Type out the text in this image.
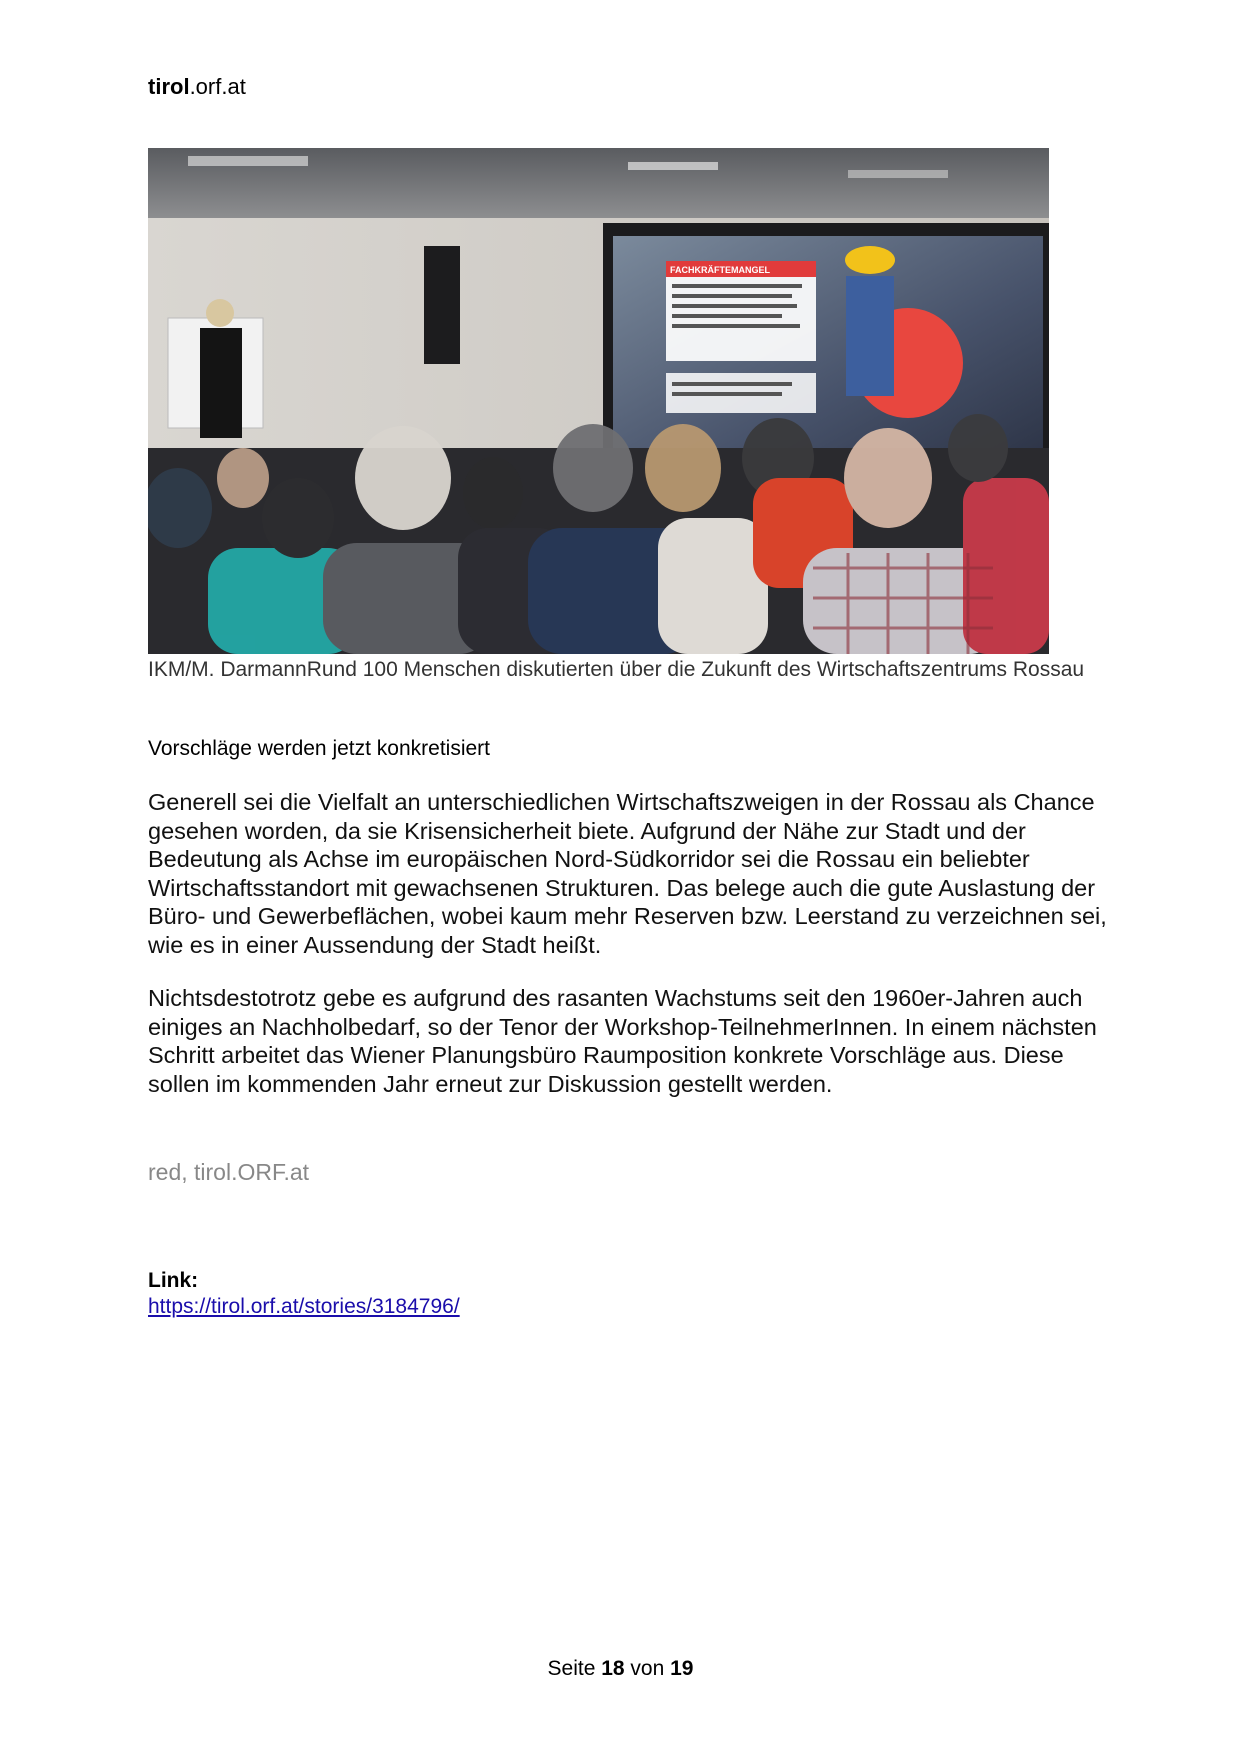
tirol.orf.at
FACHKRÄFTEMANGEL
IKM/M. DarmannRund 100 Menschen diskutierten über die Zukunft des Wirtschaftszentrums Rossau
Vorschläge werden jetzt konkretisiert

Generell sei die Vielfalt an unterschiedlichen Wirtschaftszweigen in der Rossau als Chance gesehen worden, da sie Krisensicherheit biete. Aufgrund der Nähe zur Stadt und der Bedeutung als Achse im europäischen Nord-Südkorridor sei die Rossau ein beliebter Wirtschaftsstandort mit gewachsenen Strukturen. Das belege auch die gute Auslastung der Büro- und Gewerbeflächen, wobei kaum mehr Reserven bzw. Leerstand zu verzeichnen sei, wie es in einer Aussendung der Stadt heißt.

Nichtsdestotrotz gebe es aufgrund des rasanten Wachstums seit den 1960er-Jahren auch einiges an Nachholbedarf, so der Tenor der Workshop-TeilnehmerInnen. In einem nächsten Schritt arbeitet das Wiener Planungsbüro Raumposition konkrete Vorschläge aus. Diese sollen im kommenden Jahr erneut zur Diskussion gestellt werden.

red, tirol.ORF.at
Link:
https://tirol.orf.at/stories/3184796/
Seite 18 von 19
